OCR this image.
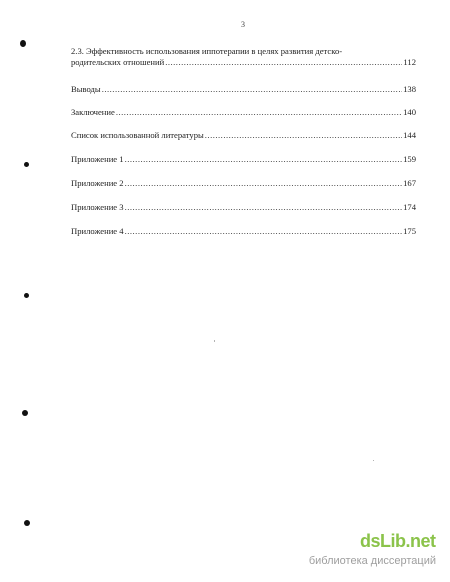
3
2.3. Эффективность использования иппотерапии в целях развития детско-
родительских отношений .....	112
Выводы .....	138
Заключение .....	140
Список использованной литературы .....	144
Приложение 1 .....	159
Приложение 2 .....	167
Приложение 3 .....	174
Приложение 4 .....	175
dsLib.net
библиотека диссертаций
